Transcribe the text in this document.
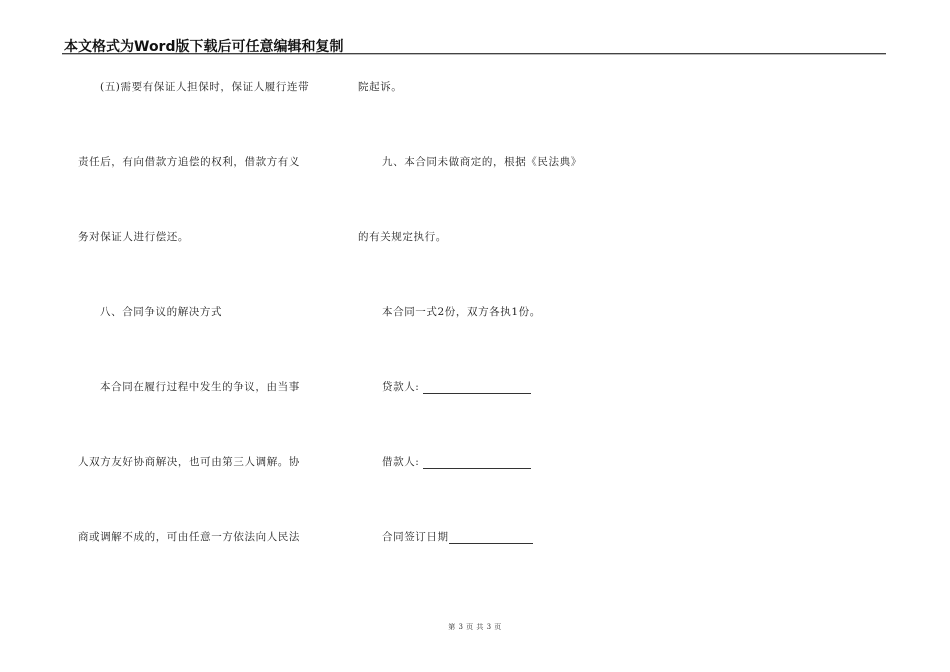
本文格式为Word版下载后可任意编辑和复制
(五)需要有保证人担保时，保证人履行连带
责任后，有向借款方追偿的权利，借款方有义
务对保证人进行偿还。
八、合同争议的解决方式
本合同在履行过程中发生的争议，由当事
人双方友好协商解决，也可由第三人调解。协
商或调解不成的，可由任意一方依法向人民法
院起诉。
九、本合同未做商定的，根据《民法典》
的有关规定执行。
本合同一式2份，双方各执1份。
贷款人:
借款人:
合同签订日期
第 3 页 共 3 页
